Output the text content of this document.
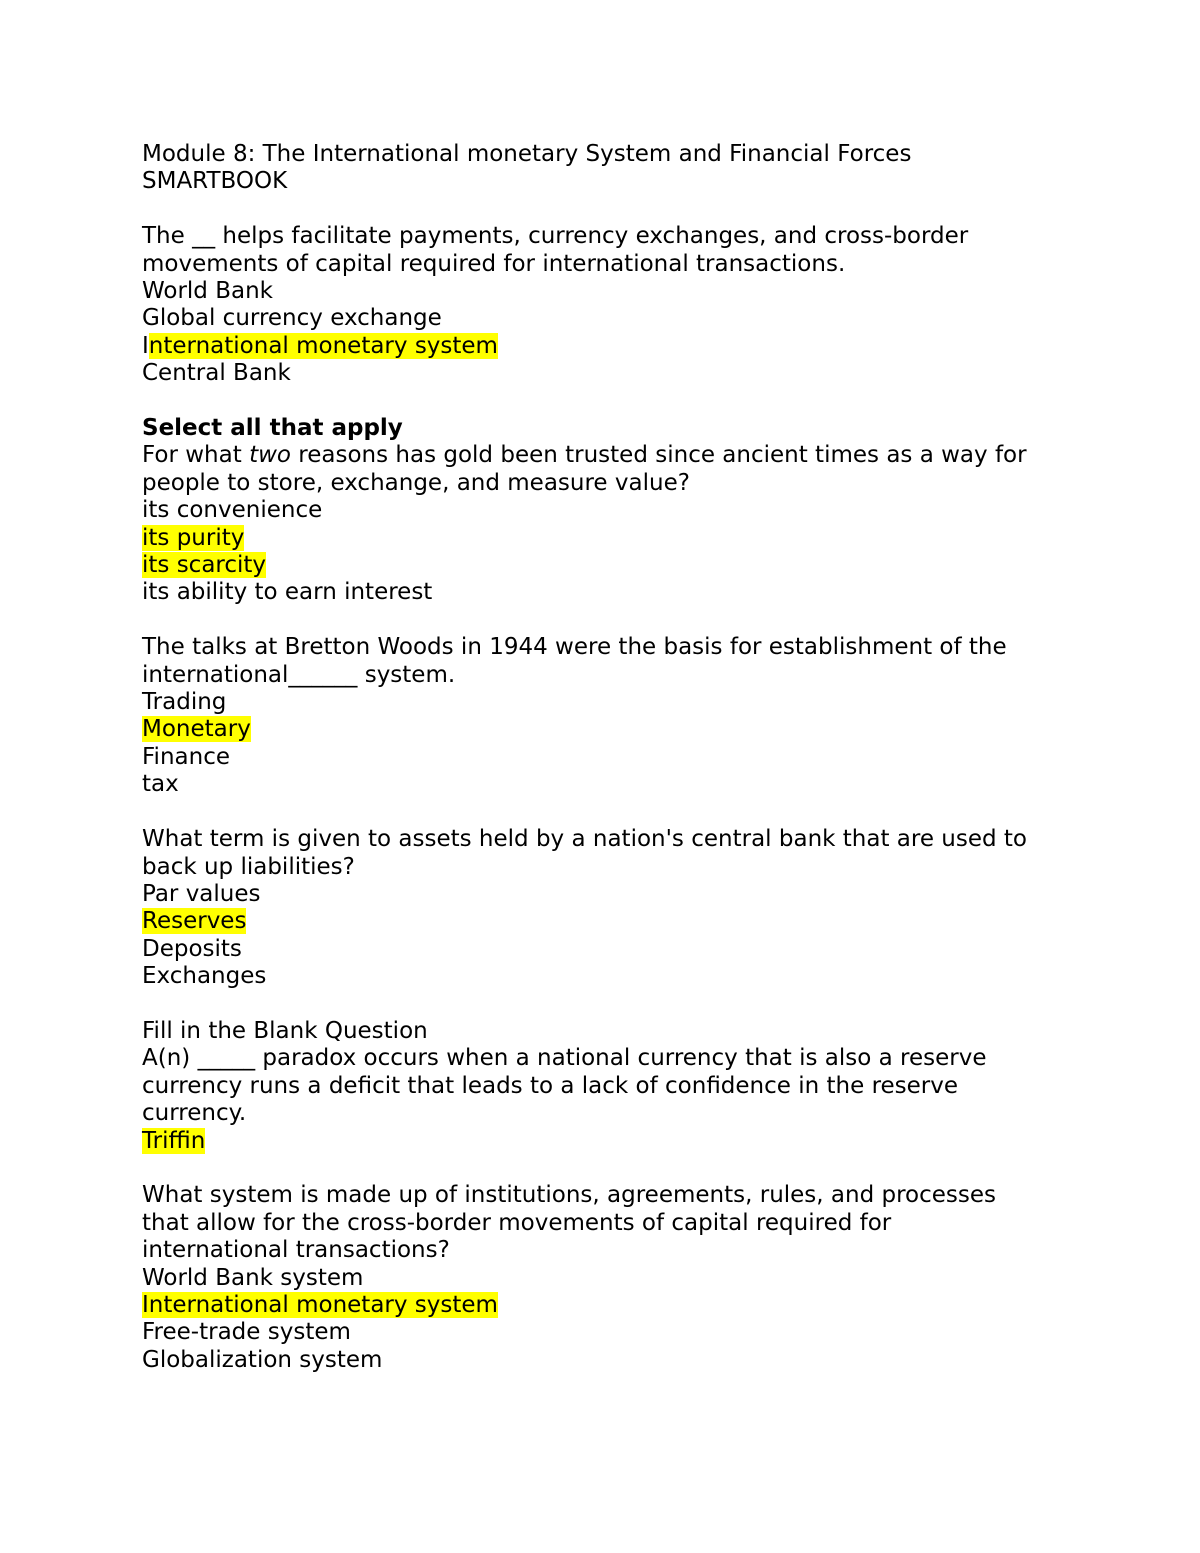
Module 8: The International monetary System and Financial Forces
SMARTBOOK
The __ helps facilitate payments, currency exchanges, and cross-border
movements of capital required for international transactions.
World Bank
Global currency exchange
International monetary system
Central Bank
Select all that apply
For what two reasons has gold been trusted since ancient times as a way for
people to store, exchange, and measure value?
its convenience
its purity
its scarcity
its ability to earn interest
The talks at Bretton Woods in 1944 were the basis for establishment of the
international______ system.
Trading
Monetary
Finance
tax
What term is given to assets held by a nation's central bank that are used to
back up liabilities?
Par values
Reserves
Deposits
Exchanges
Fill in the Blank Question
A(n) _____ paradox occurs when a national currency that is also a reserve
currency runs a deficit that leads to a lack of confidence in the reserve
currency.
Triffin
What system is made up of institutions, agreements, rules, and processes
that allow for the cross-border movements of capital required for
international transactions?
World Bank system
International monetary system
Free-trade system
Globalization system
